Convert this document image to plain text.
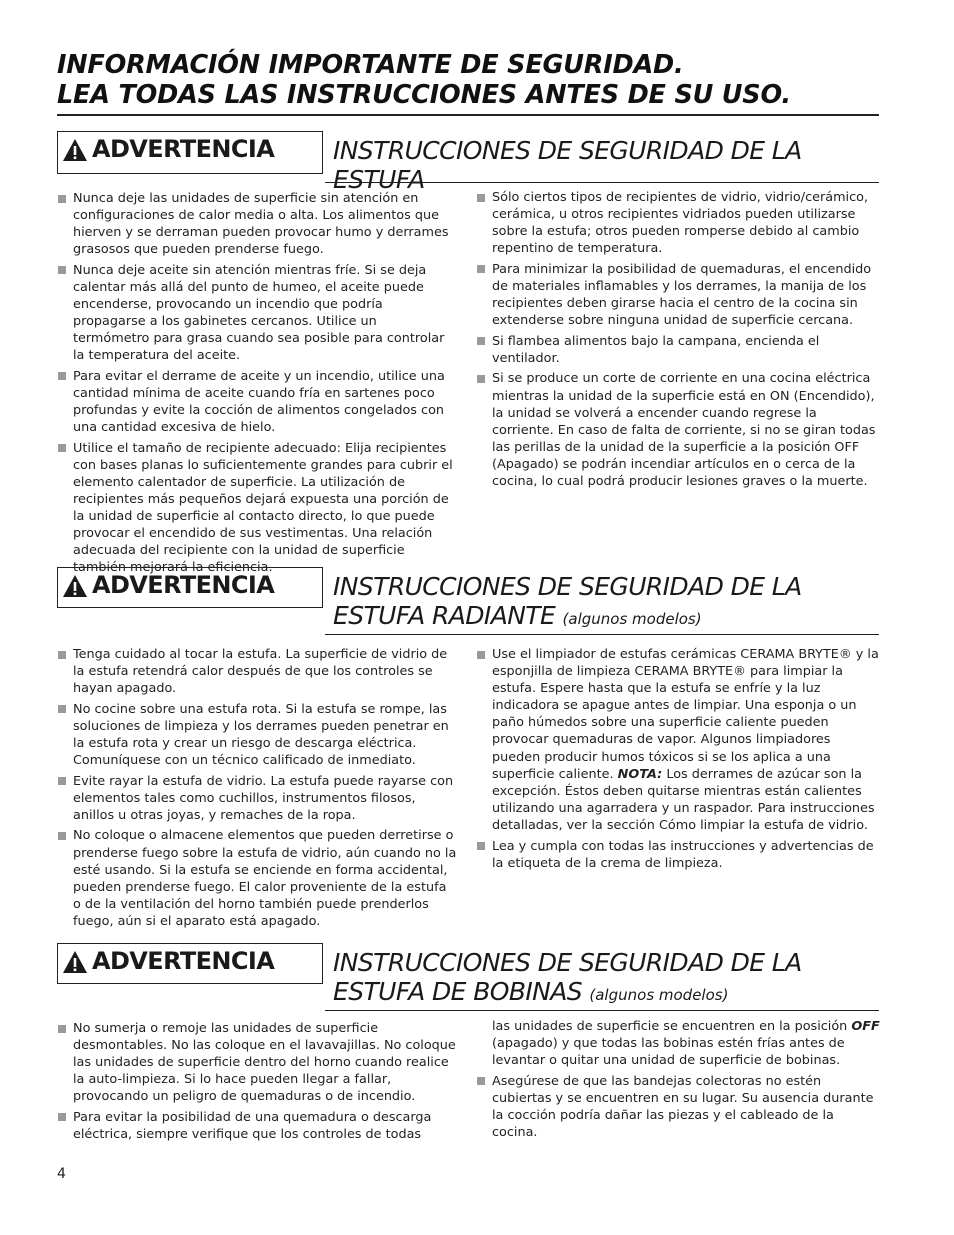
INFORMACIÓN IMPORTANTE DE SEGURIDAD.
LEA TODAS LAS INSTRUCCIONES ANTES DE SU USO.
ADVERTENCIA INSTRUCCIONES DE SEGURIDAD DE LA ESTUFA

Nunca deje las unidades de superficie sin atención en configuraciones de calor media o alta. Los alimentos que hierven y se derraman pueden provocar humo y derrames grasosos que pueden prenderse fuego.

Nunca deje aceite sin atención mientras fríe. Si se deja calentar más allá del punto de humeo, el aceite puede encenderse, provocando un incendio que podría propagarse a los gabinetes cercanos. Utilice un termómetro para grasa cuando sea posible para controlar la temperatura del aceite.

Para evitar el derrame de aceite y un incendio, utilice una cantidad mínima de aceite cuando fría en sartenes poco profundas y evite la cocción de alimentos congelados con una cantidad excesiva de hielo.

Utilice el tamaño de recipiente adecuado: Elija recipientes con bases planas lo suficientemente grandes para cubrir el elemento calentador de superficie. La utilización de recipientes más pequeños dejará expuesta una porción de la unidad de superficie al contacto directo, lo que puede provocar el encendido de sus vestimentas. Una relación adecuada del recipiente con la unidad de superficie también mejorará la eficiencia.

Sólo ciertos tipos de recipientes de vidrio, vidrio/cerámico, cerámica, u otros recipientes vidriados pueden utilizarse sobre la estufa; otros pueden romperse debido al cambio repentino de temperatura.

Para minimizar la posibilidad de quemaduras, el encendido de materiales inflamables y los derrames, la manija de los recipientes deben girarse hacia el centro de la cocina sin extenderse sobre ninguna unidad de superficie cercana.

Si flambea alimentos bajo la campana, encienda el ventilador.

Si se produce un corte de corriente en una cocina eléctrica mientras la unidad de la superficie está en ON (Encendido), la unidad se volverá a encender cuando regrese la corriente. En caso de falta de corriente, si no se giran todas las perillas de la unidad de la superficie a la posición OFF (Apagado) se podrán incendiar artículos en o cerca de la cocina, lo cual podrá producir lesiones graves o la muerte.

ADVERTENCIA INSTRUCCIONES DE SEGURIDAD DE LA
ESTUFA RADIANTE (algunos modelos)

Tenga cuidado al tocar la estufa. La superficie de vidrio de la estufa retendrá calor después de que los controles se hayan apagado.

No cocine sobre una estufa rota. Si la estufa se rompe, las soluciones de limpieza y los derrames pueden penetrar en la estufa rota y crear un riesgo de descarga eléctrica. Comuníquese con un técnico calificado de inmediato.

Evite rayar la estufa de vidrio. La estufa puede rayarse con elementos tales como cuchillos, instrumentos filosos, anillos u otras joyas, y remaches de la ropa.

No coloque o almacene elementos que pueden derretirse o prenderse fuego sobre la estufa de vidrio, aún cuando no la esté usando. Si la estufa se enciende en forma accidental, pueden prenderse fuego. El calor proveniente de la estufa o de la ventilación del horno también puede prenderlos fuego, aún si el aparato está apagado.

Use el limpiador de estufas cerámicas CERAMA BRYTE® y la esponjilla de limpieza CERAMA BRYTE® para limpiar la estufa. Espere hasta que la estufa se enfríe y la luz indicadora se apague antes de limpiar. Una esponja o un paño húmedos sobre una superficie caliente pueden provocar quemaduras de vapor. Algunos limpiadores pueden producir humos tóxicos si se los aplica a una superficie caliente. NOTA: Los derrames de azúcar son la excepción. Éstos deben quitarse mientras están calientes utilizando una agarradera y un raspador. Para instrucciones detalladas, ver la sección Cómo limpiar la estufa de vidrio.

Lea y cumpla con todas las instrucciones y advertencias de la etiqueta de la crema de limpieza.

ADVERTENCIA INSTRUCCIONES DE SEGURIDAD DE LA
ESTUFA DE BOBINAS (algunos modelos)

No sumerja o remoje las unidades de superficie desmontables. No las coloque en el lavavajillas. No coloque las unidades de superficie dentro del horno cuando realice la auto-limpieza. Si lo hace pueden llegar a fallar, provocando un peligro de quemaduras o de incendio.

Para evitar la posibilidad de una quemadura o descarga eléctrica, siempre verifique que los controles de todas

las unidades de superficie se encuentren en la posición OFF (apagado) y que todas las bobinas estén frías antes de levantar o quitar una unidad de superficie de bobinas.

Asegúrese de que las bandejas colectoras no estén cubiertas y se encuentren en su lugar. Su ausencia durante la cocción podría dañar las piezas y el cableado de la cocina.

4
